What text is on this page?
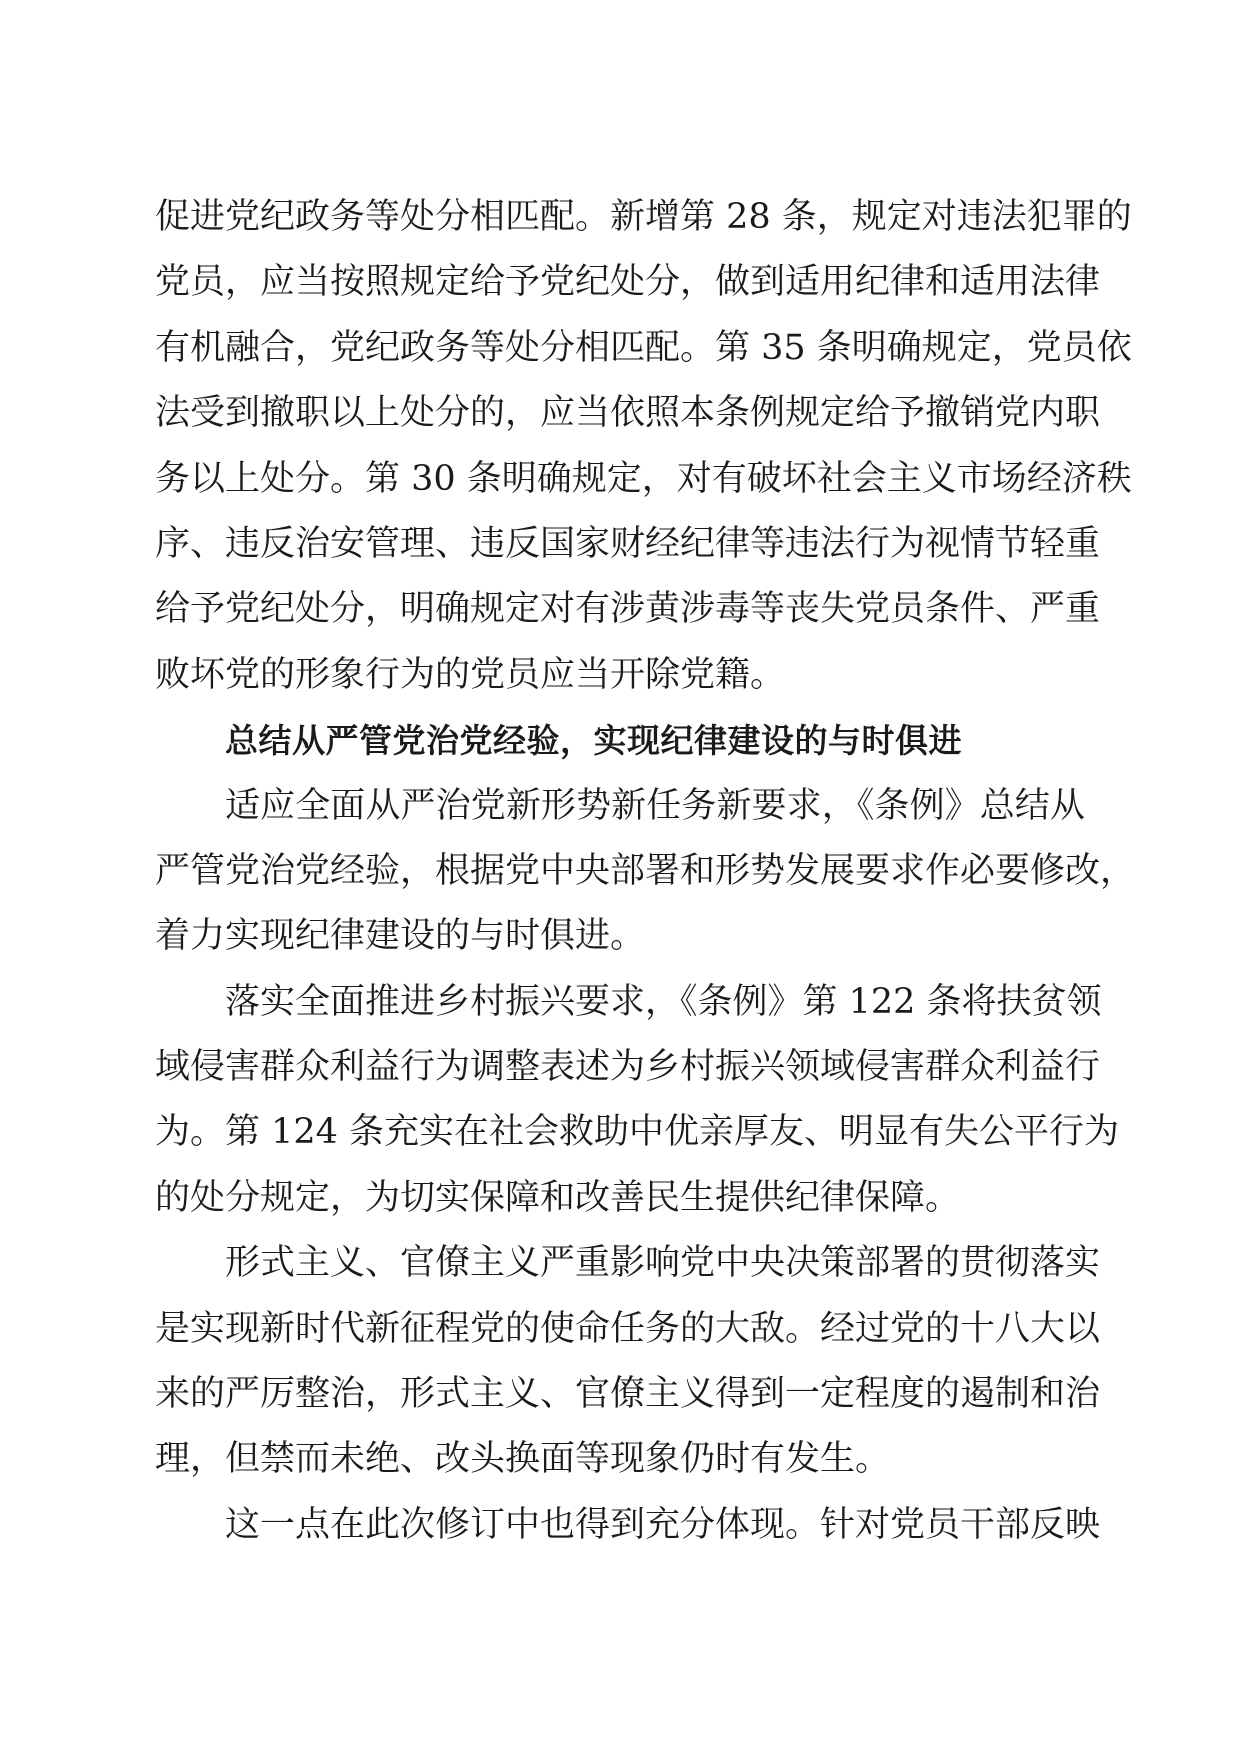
促进党纪政务等处分相匹配。新增第 28 条，规定对违法犯罪的
党员，应当按照规定给予党纪处分，做到适用纪律和适用法律
有机融合，党纪政务等处分相匹配。第 35 条明确规定，党员依
法受到撤职以上处分的，应当依照本条例规定给予撤销党内职
务以上处分。第 30 条明确规定，对有破坏社会主义市场经济秩
序、违反治安管理、违反国家财经纪律等违法行为视情节轻重
给予党纪处分，明确规定对有涉黄涉毒等丧失党员条件、严重
败坏党的形象行为的党员应当开除党籍。
总结从严管党治党经验，实现纪律建设的与时俱进
适应全面从严治党新形势新任务新要求，《条例》总结从
严管党治党经验，根据党中央部署和形势发展要求作必要修改，
着力实现纪律建设的与时俱进。
落实全面推进乡村振兴要求，《条例》第 122 条将扶贫领
域侵害群众利益行为调整表述为乡村振兴领域侵害群众利益行
为。第 124 条充实在社会救助中优亲厚友、明显有失公平行为
的处分规定，为切实保障和改善民生提供纪律保障。
形式主义、官僚主义严重影响党中央决策部署的贯彻落实
是实现新时代新征程党的使命任务的大敌。经过党的十八大以
来的严厉整治，形式主义、官僚主义得到一定程度的遏制和治
理，但禁而未绝、改头换面等现象仍时有发生。
这一点在此次修订中也得到充分体现。针对党员干部反映
